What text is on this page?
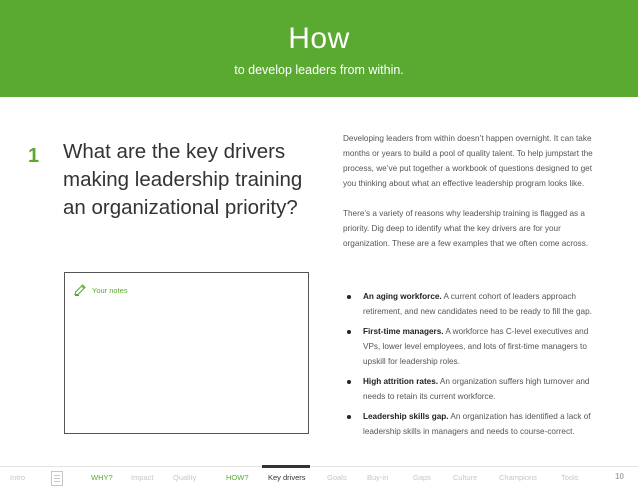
How
to develop leaders from within.
1 What are the key drivers making leadership training an organizational priority?
Your notes

Developing leaders from within doesn’t happen overnight. It can take months or years to build a pool of quality talent. To help jumpstart the process, we’ve put together a workbook of questions designed to get you thinking about what an effective leadership program looks like.

There’s a variety of reasons why leadership training is flagged as a priority. Dig deep to identify what the key drivers are for your organization. These are a few examples that we often come across.

An aging workforce. A current cohort of leaders approach retirement, and new candidates need to be ready to fill the gap.
First-time managers. A workforce has C-level executives and VPs, lower level employees, and lots of first-time managers to upskill for leadership roles.
High attrition rates. An organization suffers high turnover and needs to retain its current workforce.
Leadership skills gap. An organization has identified a lack of leadership skills in managers and needs to course-correct.
Intro	WHY? Impact	Quality	HOW?	Key drivers	Goals	Buy-in	Gaps	Culture	Champions	Tools	10
